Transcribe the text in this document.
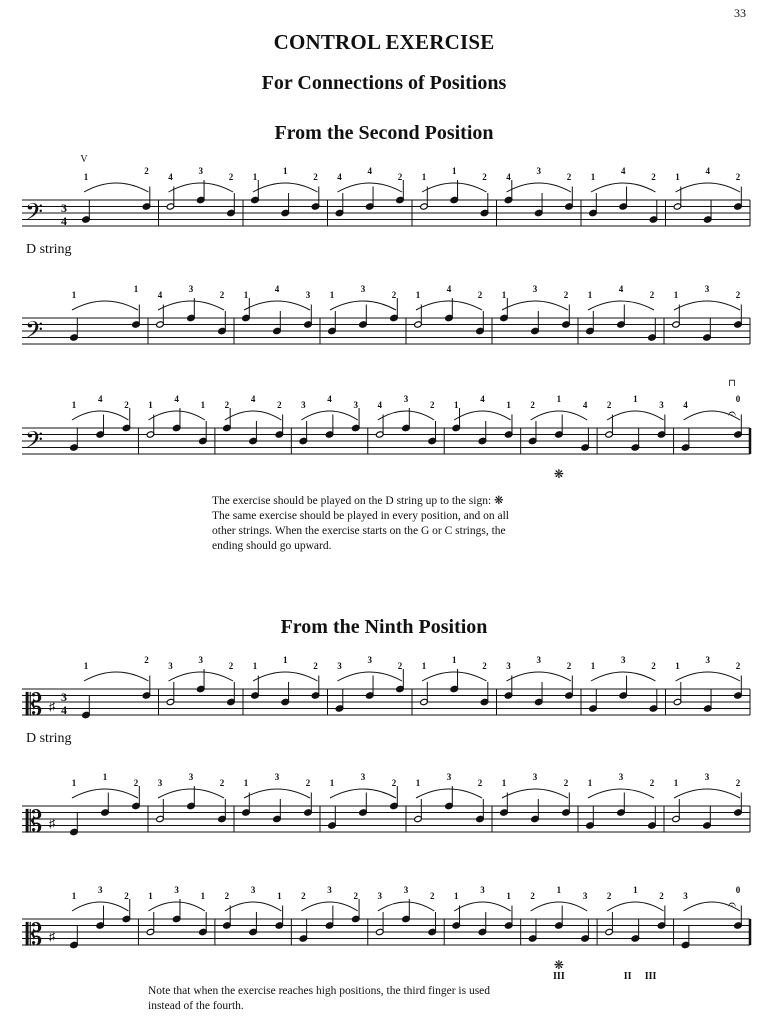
33
CONTROL EXERCISE
For Connections of Positions
From the Second Position
𝄢 3
4
1
2
4
3
2 1
1
2 4
4
2 1
1
2 4
3
2 1
4
2 1
4
2
V
𝄢
1
1
4
3
2 1
4
3 1
3
2 1
4
2 1
3
2 1
4
2 1
3
2
𝄢
1
4
2 1
4
1 2
4
2 3
4
3 4
3
2 1
4
1 2
1
4 2
1
3 4
0
❋
⊓
𝄐
𝄡 ♯
3
4
1
2
3
3
2 1
1
2 3
3
2 1
1
2 3
3
2 1
3
2 1
3
2
𝄡 ♯
1
1
2 3
3
2 1
3
2 1
3
2 1
3
2 1
3
2 1
3
2 1
3
2
𝄡 ♯
1
3
2 1
3
1 2
3
1 2
3
2 3
3
2 1
3
1 2
1
3 2
1
2 3
0
❋
𝄐
III	II III
D string

The exercise should be played on the D string up to the sign: ❋

The same exercise should be played in every position, and on all

other strings. When the exercise starts on the G or C strings, the

ending should go upward.

From the Ninth Position
D string

Note that when the exercise reaches high positions, the third finger is used

instead of the fourth.
